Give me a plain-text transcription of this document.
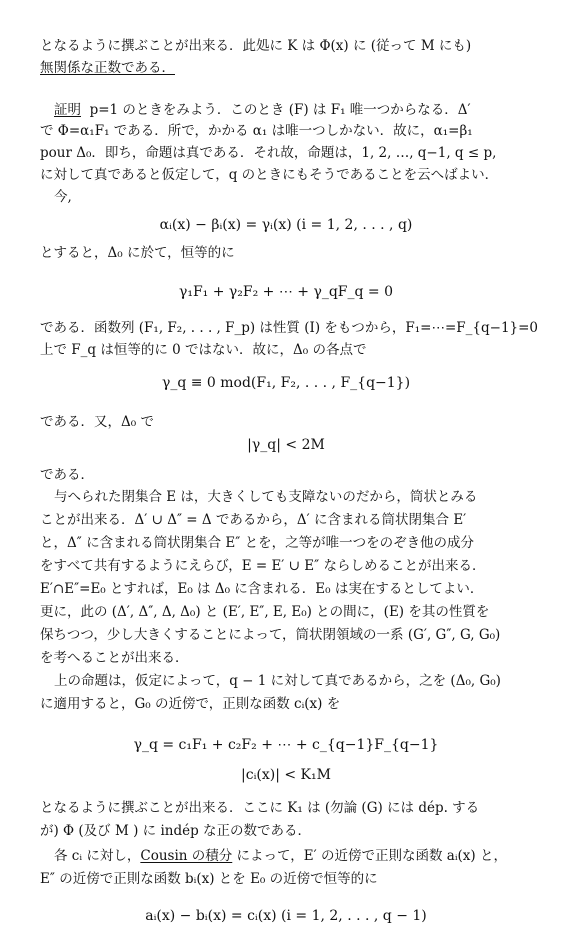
となるように撰ぶことが出来る．此処に K は Φ(x) に (従って M にも)
無関係な正数である．
証明 p=1 のときをみよう．このとき (F) は F₁ 唯一つからなる．Δ′
で Φ=α₁F₁ である．所で，かかる α₁ は唯一つしかない．故に，α₁=β₁
pour Δ₀．即ち，命題は真である．それ故，命題は，1, 2, …, q−1, q ≤ p,
に対して真であると仮定して，q のときにもそうであることを云へばよい．
今,
αᵢ(x) − βᵢ(x) = γᵢ(x) (i = 1, 2, . . . , q)
とすると，Δ₀ に於て，恒等的に
γ₁F₁ + γ₂F₂ + ⋯ + γ_qF_q = 0
である．函数列 (F₁, F₂, . . . , F_p) は性質 (I) をもつから，F₁=⋯=F_{q−1}=0
上で F_q は恒等的に 0 ではない．故に，Δ₀ の各点で
γ_q ≡ 0 mod(F₁, F₂, . . . , F_{q−1})
である．又，Δ₀ で
|γ_q| < 2M
である．
与へられた閉集合 E は，大きくしても支障ないのだから，筒状とみる
ことが出来る．Δ′ ∪ Δ″ = Δ であるから，Δ′ に含まれる筒状閉集合 E′
と，Δ″ に含まれる筒状閉集合 E″ とを，之等が唯一つをのぞき他の成分
をすべて共有するようにえらび，E = E′ ∪ E″ ならしめることが出来る．
E′∩E″=E₀ とすれば，E₀ は Δ₀ に含まれる．E₀ は実在するとしてよい．
更に，此の (Δ′, Δ″, Δ, Δ₀) と (E′, E″, E, E₀) との間に，(E) を其の性質を
保ちつつ，少し大きくすることによって，筒状閉領域の一系 (G′, G″, G, G₀)
を考へることが出来る．
上の命題は，仮定によって，q − 1 に対して真であるから，之を (Δ₀, G₀)
に適用すると，G₀ の近傍で，正則な函数 cᵢ(x) を
γ_q = c₁F₁ + c₂F₂ + ⋯ + c_{q−1}F_{q−1}
|cᵢ(x)| < K₁M
となるように撰ぶことが出来る．ここに K₁ は (勿論 (G) には dép. する
が) Φ (及び M ) に indép な正の数である．
各 cᵢ に対し，Cousin の積分 によって，E′ の近傍で正則な函数 aᵢ(x) と，
E″ の近傍で正則な函数 bᵢ(x) とを E₀ の近傍で恒等的に
aᵢ(x) − bᵢ(x) = cᵢ(x) (i = 1, 2, . . . , q − 1)
